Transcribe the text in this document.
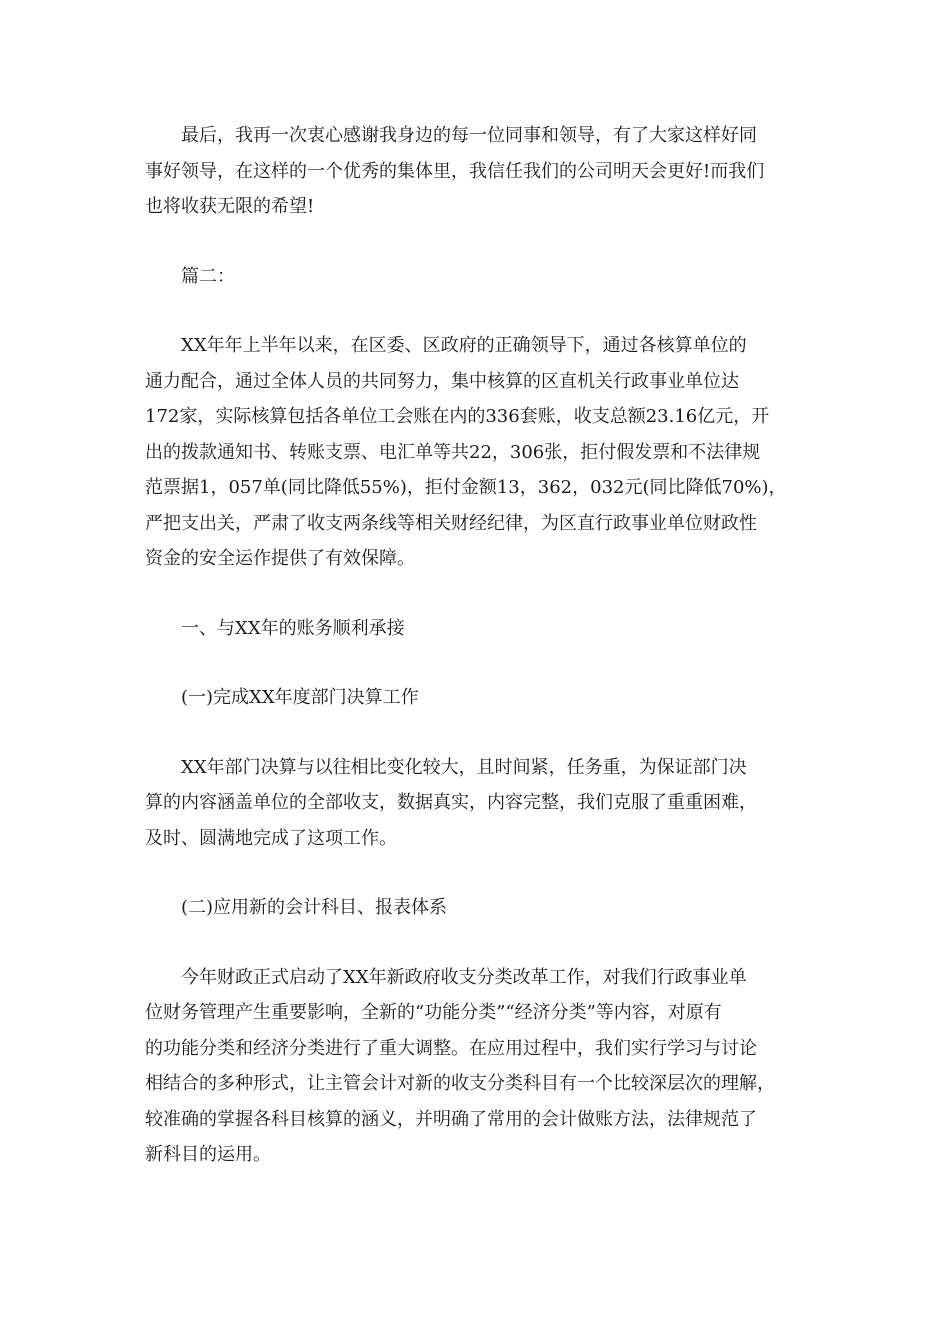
最后，我再一次衷心感谢我身边的每一位同事和领导，有了大家这样好同
事好领导，在这样的一个优秀的集体里，我信任我们的公司明天会更好!而我们
也将收获无限的希望!

篇二：

XX年年上半年以来，在区委、区政府的正确领导下，通过各核算单位的
通力配合，通过全体人员的共同努力，集中核算的区直机关行政事业单位达
172家，实际核算包括各单位工会账在内的336套账，收支总额23.16亿元，开
出的拨款通知书、转账支票、电汇单等共22，306张，拒付假发票和不法律规
范票据1，057单(同比降低55%)，拒付金额13，362，032元(同比降低70%)，
严把支出关，严肃了收支两条线等相关财经纪律，为区直行政事业单位财政性
资金的安全运作提供了有效保障。

一、与XX年的账务顺利承接

(一)完成XX年度部门决算工作

XX年部门决算与以往相比变化较大，且时间紧，任务重，为保证部门决
算的内容涵盖单位的全部收支，数据真实，内容完整，我们克服了重重困难，
及时、圆满地完成了这项工作。

(二)应用新的会计科目、报表体系

今年财政正式启动了XX年新政府收支分类改革工作，对我们行政事业单
位财务管理产生重要影响，全新的“功能分类”“经济分类”等内容，对原有
的功能分类和经济分类进行了重大调整。在应用过程中，我们实行学习与讨论
相结合的多种形式，让主管会计对新的收支分类科目有一个比较深层次的理解，
较准确的掌握各科目核算的涵义，并明确了常用的会计做账方法，法律规范了
新科目的运用。
